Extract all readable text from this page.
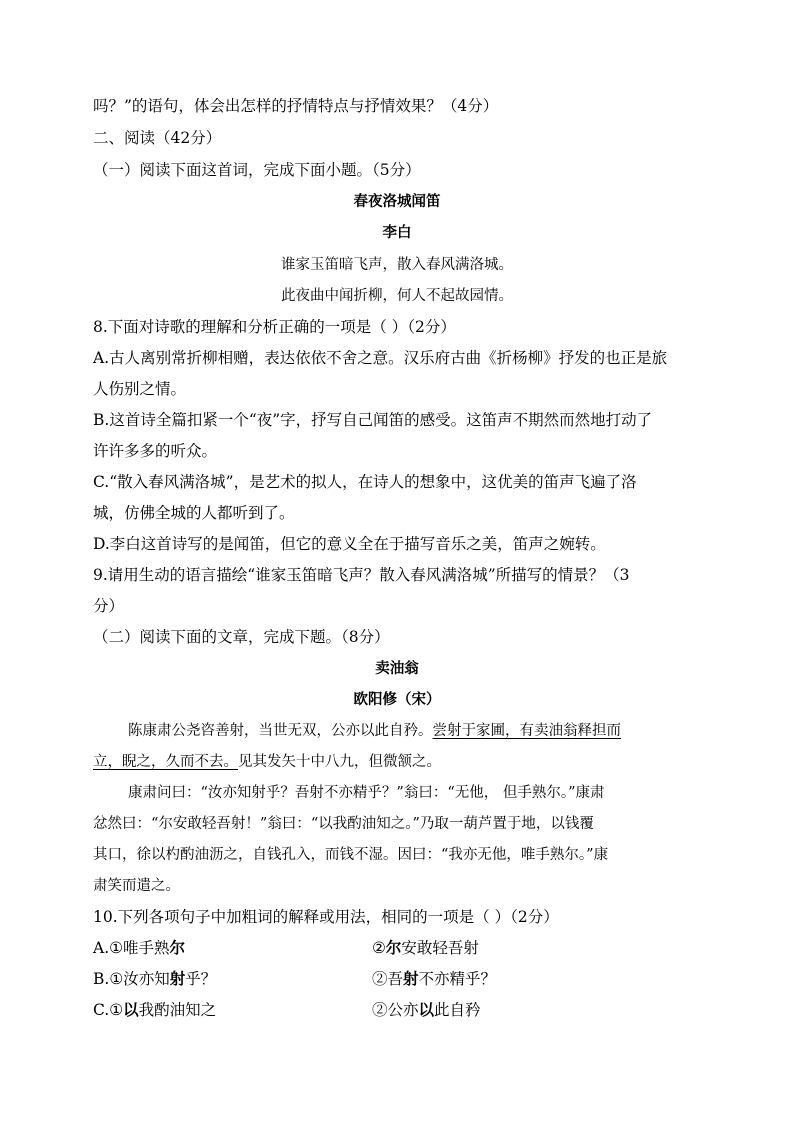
吗？”的语句，体会出怎样的抒情特点与抒情效果？（4分）
二、阅读（42分）
（一）阅读下面这首词，完成下面小题。（5分）
春夜洛城闻笛
李白
谁家玉笛暗飞声，散入春风满洛城。
此夜曲中闻折柳，何人不起故园情。
8.下面对诗歌的理解和分析正确的一项是（ ）（2分）
A.古人离别常折柳相赠，表达依依不舍之意。汉乐府古曲《折杨柳》抒发的也正是旅
人伤别之情。
B.这首诗全篇扣紧一个“夜”字，抒写自己闻笛的感受。这笛声不期然而然地打动了
许许多多的听众。
C.“散入春风满洛城”，是艺术的拟人，在诗人的想象中，这优美的笛声飞遍了洛
城，仿佛全城的人都听到了。
D.李白这首诗写的是闻笛，但它的意义全在于描写音乐之美，笛声之婉转。
9.请用生动的语言描绘“谁家玉笛暗飞声？散入春风满洛城”所描写的情景？（3
分）
（二）阅读下面的文章，完成下题。（8分）
卖油翁
欧阳修（宋）
陈康肃公尧咨善射，当世无双，公亦以此自矜。尝射于家圃，有卖油翁释担而
立，睨之，久而不去。见其发矢十中八九，但微颔之。
康肃问曰：“汝亦知射乎？吾射不亦精乎？”翁曰：“无他， 但手熟尔。”康肃
忿然曰：“尔安敢轻吾射！”翁曰：“以我酌油知之。”乃取一葫芦置于地，以钱覆
其口，徐以杓酌油沥之，自钱孔入，而钱不湿。因曰：“我亦无他，唯手熟尔。”康
肃笑而遣之。
10.下列各项句子中加粗词的解释或用法，相同的一项是（ ）（2分）
A.①唯手熟尔	②尔安敢轻吾射
B.①汝亦知射乎？	②吾射不亦精乎？
C.①以我酌油知之	②公亦以此自矜
